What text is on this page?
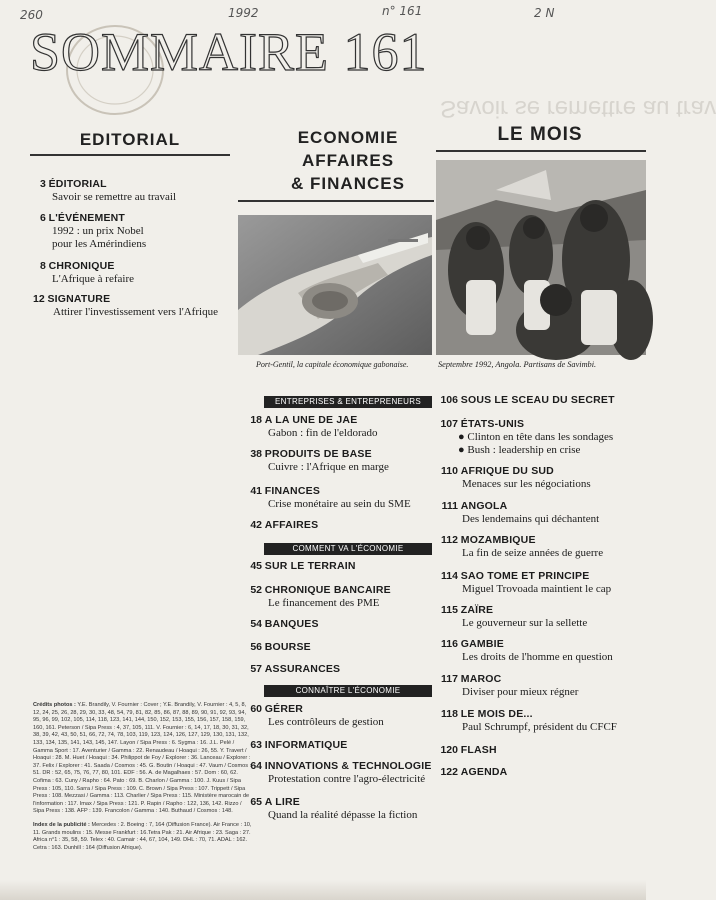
260	1992	n° 161	2 N
SOMMAIRE 161
Savoir se remettre au trav
EDITORIAL	ECONOMIE
AFFAIRES
& FINANCES
LE MOIS
3 ÉDITORIAL
Savoir se remettre au travail
6 L'ÉVÉNEMENT
1992 : un prix Nobel
pour les Amérindiens
8 CHRONIQUE
L'Afrique à refaire
12 SIGNATURE
Attirer l'investissement vers l'Afrique
Port-Gentil, la capitale économique gabonaise.	Septembre 1992, Angola. Partisans de Savimbi.
ENTREPRISES & ENTREPRENEURS
COMMENT VA L'ÉCONOMIE
CONNAÎTRE L'ÉCONOMIE
18 A LA UNE DE JAE
Gabon : fin de l'eldorado
38 PRODUITS DE BASE
Cuivre : l'Afrique en marge
41 FINANCES
Crise monétaire au sein du SME
42 AFFAIRES
45 SUR LE TERRAIN
52 CHRONIQUE BANCAIRE
Le financement des PME
54 BANQUES
56 BOURSE
57 ASSURANCES
60 GÉRER
Les contrôleurs de gestion
63 INFORMATIQUE
64 INNOVATIONS & TECHNOLOGIE
Protestation contre l'agro-électricité
65 A LIRE
Quand la réalité dépasse la fiction

106 SOUS LE SCEAU DU SECRET
107 ÉTATS-UNIS
● Clinton en tête dans les sondages
● Bush : leadership en crise
110 AFRIQUE DU SUD
Menaces sur les négociations
111 ANGOLA
Des lendemains qui déchantent
112 MOZAMBIQUE
La fin de seize années de guerre
114 SAO TOME ET PRINCIPE
Miguel Trovoada maintient le cap
115 ZAÏRE
Le gouverneur sur la sellette
116 GAMBIE
Les droits de l'homme en question
117 MAROC
Diviser pour mieux régner
118 LE MOIS DE...
Paul Schrumpf, président du CFCF
120 FLASH
122 AGENDA
Crédits photos : Y.E. Brandily, V. Fournier : Cover ; Y.E. Brandily, V. Fournier : 4, 5, 8, 12, 24, 25, 26, 28, 29, 30, 33, 48, 54, 79, 81, 82, 85, 86, 87, 88, 89, 90, 91, 92, 93, 94, 95, 96, 99, 102, 105, 114, 118, 123, 141, 144, 150, 152, 153, 155, 156, 157, 158, 159, 160, 161. Peterson / Sipa Press : 4, 37, 105, 111. V. Fournier : 6, 14, 17, 18, 30, 31, 32, 38, 39, 42, 43, 50, 51, 66, 72, 74, 78, 103, 119, 123, 124, 126, 127, 129, 130, 131, 132, 133, 134, 135, 141, 143, 145, 147. Layon / Sipa Press : 6. Sygma : 16. J.L. Pelé / Gamma Sport : 17. Aventurier / Gamma : 22. Renaudeau / Hoaqui : 26, 55. Y. Travert / Hoaqui : 28. M. Huet / Hoaqui : 34. Philippot de Foy / Explorer : 36. Lanceau / Explorer : 37. Felix / Explorer : 41. Saada / Cosmos : 45. G. Boutin / Hoaqui : 47. Vaum / Cosmos : 51. DR : 52, 65, 75, 76, 77, 80, 101. EDF : 56. A. de Magalhaes : 57. Dom : 60, 62. Cofima : 63. Cuny / Rapho : 64. Pato : 69. B. Charlon / Gamma : 100. J. Kuus / Sipa Press : 105, 110. Sarra / Sipa Press : 109. C. Brown / Sipa Press : 107. Trippett / Sipa Press : 108. Mezzasi / Gamma : 113. Charlier / Sipa Press : 115. Ministère marocain de l'information : 117. Imax / Sipa Press : 121. P. Rapin / Rapho : 122, 136, 142. Rizzo / Sipa Press : 138. AFP : 139. Francolon / Gamma : 140. Buthaud / Cosmos : 148.
Index de la publicité : Mercedes : 2. Boeing : 7, 164 (Diffusion France). Air France : 10, 11. Grands moulins : 15. Messe Frankfurt : 16.Tetra Pak : 21. Air Afrique : 23. Saga : 27. Africa n°1 : 35, 58, 59. Telex : 40. Camair : 44, 67, 104, 149. DHL : 70, 71. ADAL : 162. Cetra : 163. Dunhill : 164 (Diffusion Afrique).
